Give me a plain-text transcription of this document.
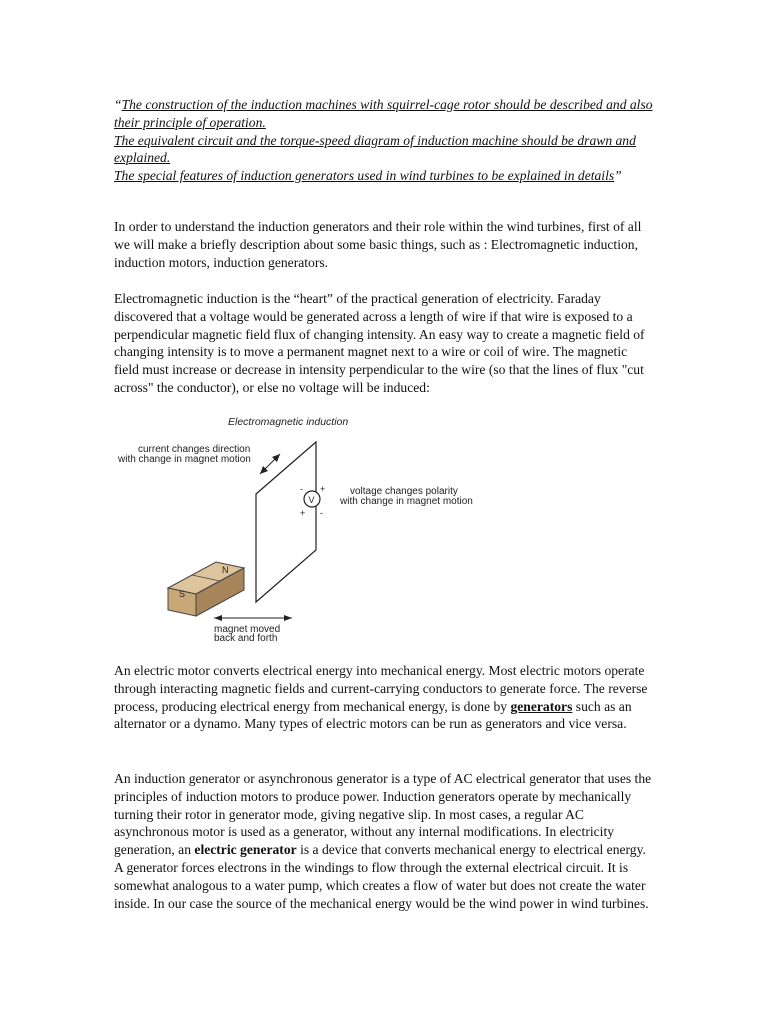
“The construction of the induction machines with squirrel-cage rotor should be described and also their principle of operation.
The equivalent circuit and the torque-speed diagram of induction machine should be drawn and explained.
The special features of induction generators used in wind turbines to be explained in details”

In order to understand the induction generators and their role within the wind turbines, first of all we will make a briefly description about some basic things, such as : Electromagnetic induction, induction motors, induction generators.

Electromagnetic induction is the “heart” of the practical generation of electricity. Faraday discovered that a voltage would be generated across a length of wire if that wire is exposed to a perpendicular magnetic field flux of changing intensity. An easy way to create a magnetic field of changing intensity is to move a permanent magnet next to a wire or coil of wire. The magnetic field must increase or decrease in intensity perpendicular to the wire (so that the lines of flux "cut across" the conductor), or else no voltage will be induced:

Electromagnetic induction
V
- +
+ -
current changes direction
with change in magnet motion
voltage changes polarity
with change in magnet motion
N
S
magnet moved
back and forth

An electric motor converts electrical energy into mechanical energy. Most electric motors operate through interacting magnetic fields and current-carrying conductors to generate force. The reverse process, producing electrical energy from mechanical energy, is done by generators such as an alternator or a dynamo. Many types of electric motors can be run as generators and vice versa.

An induction generator or asynchronous generator is a type of AC electrical generator that uses the principles of induction motors to produce power. Induction generators operate by mechanically turning their rotor in generator mode, giving negative slip. In most cases, a regular AC asynchronous motor is used as a generator, without any internal modifications. In electricity generation, an electric generator is a device that converts mechanical energy to electrical energy. A generator forces electrons in the windings to flow through the external electrical circuit. It is somewhat analogous to a water pump, which creates a flow of water but does not create the water inside. In our case the source of the mechanical energy would be the wind power in wind turbines.
